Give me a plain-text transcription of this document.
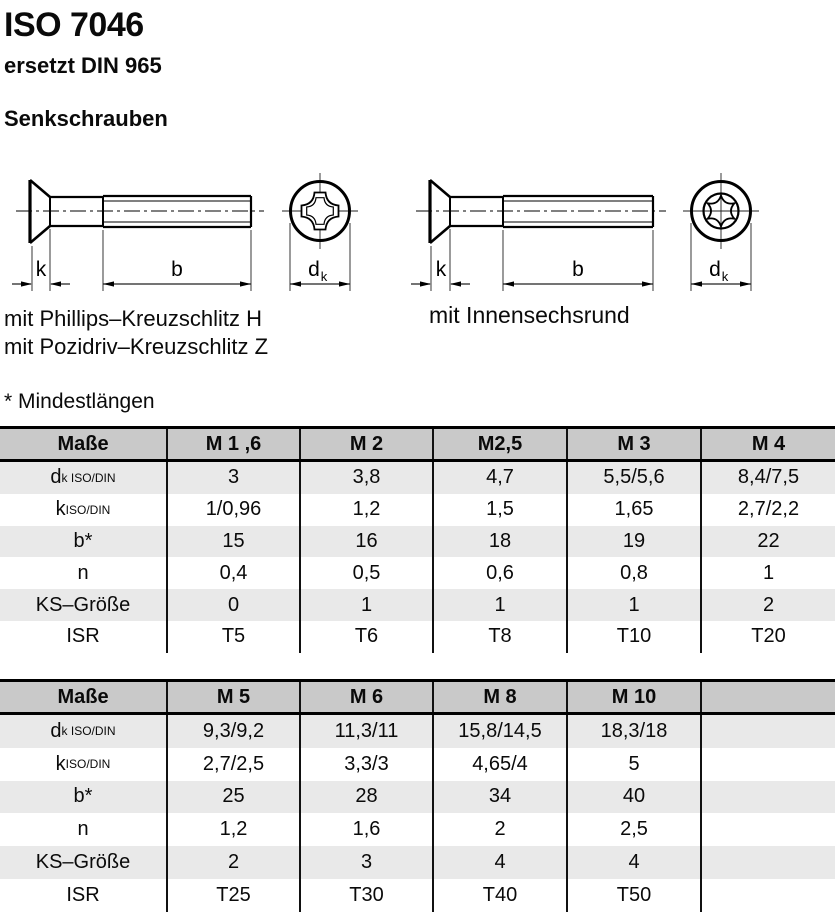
ISO 7046
ersetzt DIN 965
Senkschrauben
k	b	d k	k	b	d k
mit Phillips–Kreuzschlitz H
mit Pozidriv–Kreuzschlitz Z
mit Innensechsrund
* Mindestlängen
Maße	M 1 ,6	M 2	M2,5	M 3	M 4
d k ISO/DIN	3	3,8	4,7	5,5/5,6	8,4/7,5
k ISO/DIN	1/0,96	1,2	1,5	1,65	2,7/2,2
b*	15	16	18	19	22
n	0,4	0,5	0,6	0,8	1
KS–Größe	0	1	1	1	2
ISR	T5	T6	T8	T10	T20
Maße	M 5	M 6	M 8	M 10
d k ISO/DIN	9,3/9,2	11,3/11	15,8/14,5	18,3/18
k ISO/DIN	2,7/2,5	3,3/3	4,65/4	5
b*	25	28	34	40
n	1,2	1,6	2	2,5
KS–Größe	2	3	4	4
ISR	T25	T30	T40	T50
